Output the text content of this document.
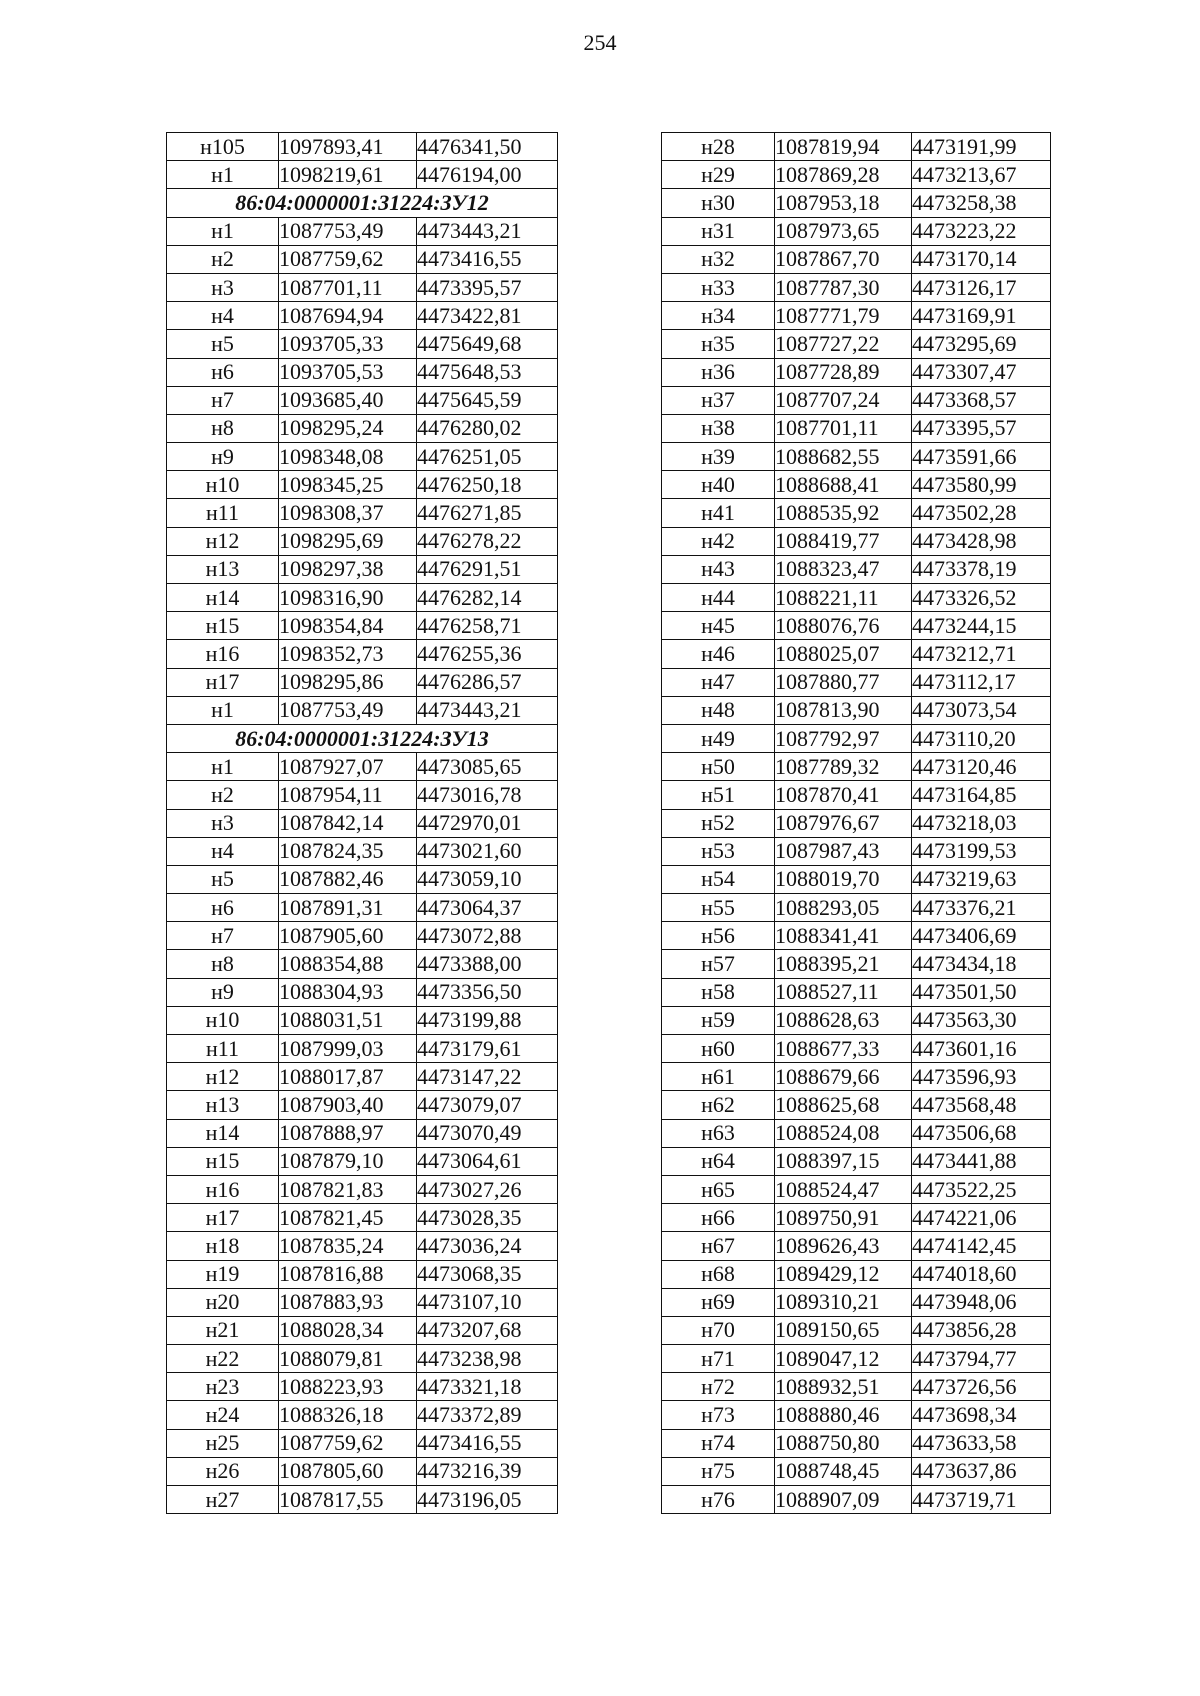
254
н105	1097893,41	4476341,50
н1	1098219,61	4476194,00
86:04:0000001:31224:ЗУ12		
н1	1087753,49	4473443,21
н2	1087759,62	4473416,55
н3	1087701,11	4473395,57
н4	1087694,94	4473422,81
н5	1093705,33	4475649,68
н6	1093705,53	4475648,53
н7	1093685,40	4475645,59
н8	1098295,24	4476280,02
н9	1098348,08	4476251,05
н10	1098345,25	4476250,18
н11	1098308,37	4476271,85
н12	1098295,69	4476278,22
н13	1098297,38	4476291,51
н14	1098316,90	4476282,14
н15	1098354,84	4476258,71
н16	1098352,73	4476255,36
н17	1098295,86	4476286,57
н1	1087753,49	4473443,21
86:04:0000001:31224:ЗУ13		
н1	1087927,07	4473085,65
н2	1087954,11	4473016,78
н3	1087842,14	4472970,01
н4	1087824,35	4473021,60
н5	1087882,46	4473059,10
н6	1087891,31	4473064,37
н7	1087905,60	4473072,88
н8	1088354,88	4473388,00
н9	1088304,93	4473356,50
н10	1088031,51	4473199,88
н11	1087999,03	4473179,61
н12	1088017,87	4473147,22
н13	1087903,40	4473079,07
н14	1087888,97	4473070,49
н15	1087879,10	4473064,61
н16	1087821,83	4473027,26
н17	1087821,45	4473028,35
н18	1087835,24	4473036,24
н19	1087816,88	4473068,35
н20	1087883,93	4473107,10
н21	1088028,34	4473207,68
н22	1088079,81	4473238,98
н23	1088223,93	4473321,18
н24	1088326,18	4473372,89
н25	1087759,62	4473416,55
н26	1087805,60	4473216,39
н27	1087817,55	4473196,05
н28	1087819,94	4473191,99
н29	1087869,28	4473213,67
н30	1087953,18	4473258,38
н31	1087973,65	4473223,22
н32	1087867,70	4473170,14
н33	1087787,30	4473126,17
н34	1087771,79	4473169,91
н35	1087727,22	4473295,69
н36	1087728,89	4473307,47
н37	1087707,24	4473368,57
н38	1087701,11	4473395,57
н39	1088682,55	4473591,66
н40	1088688,41	4473580,99
н41	1088535,92	4473502,28
н42	1088419,77	4473428,98
н43	1088323,47	4473378,19
н44	1088221,11	4473326,52
н45	1088076,76	4473244,15
н46	1088025,07	4473212,71
н47	1087880,77	4473112,17
н48	1087813,90	4473073,54
н49	1087792,97	4473110,20
н50	1087789,32	4473120,46
н51	1087870,41	4473164,85
н52	1087976,67	4473218,03
н53	1087987,43	4473199,53
н54	1088019,70	4473219,63
н55	1088293,05	4473376,21
н56	1088341,41	4473406,69
н57	1088395,21	4473434,18
н58	1088527,11	4473501,50
н59	1088628,63	4473563,30
н60	1088677,33	4473601,16
н61	1088679,66	4473596,93
н62	1088625,68	4473568,48
н63	1088524,08	4473506,68
н64	1088397,15	4473441,88
н65	1088524,47	4473522,25
н66	1089750,91	4474221,06
н67	1089626,43	4474142,45
н68	1089429,12	4474018,60
н69	1089310,21	4473948,06
н70	1089150,65	4473856,28
н71	1089047,12	4473794,77
н72	1088932,51	4473726,56
н73	1088880,46	4473698,34
н74	1088750,80	4473633,58
н75	1088748,45	4473637,86
н76	1088907,09	4473719,71
